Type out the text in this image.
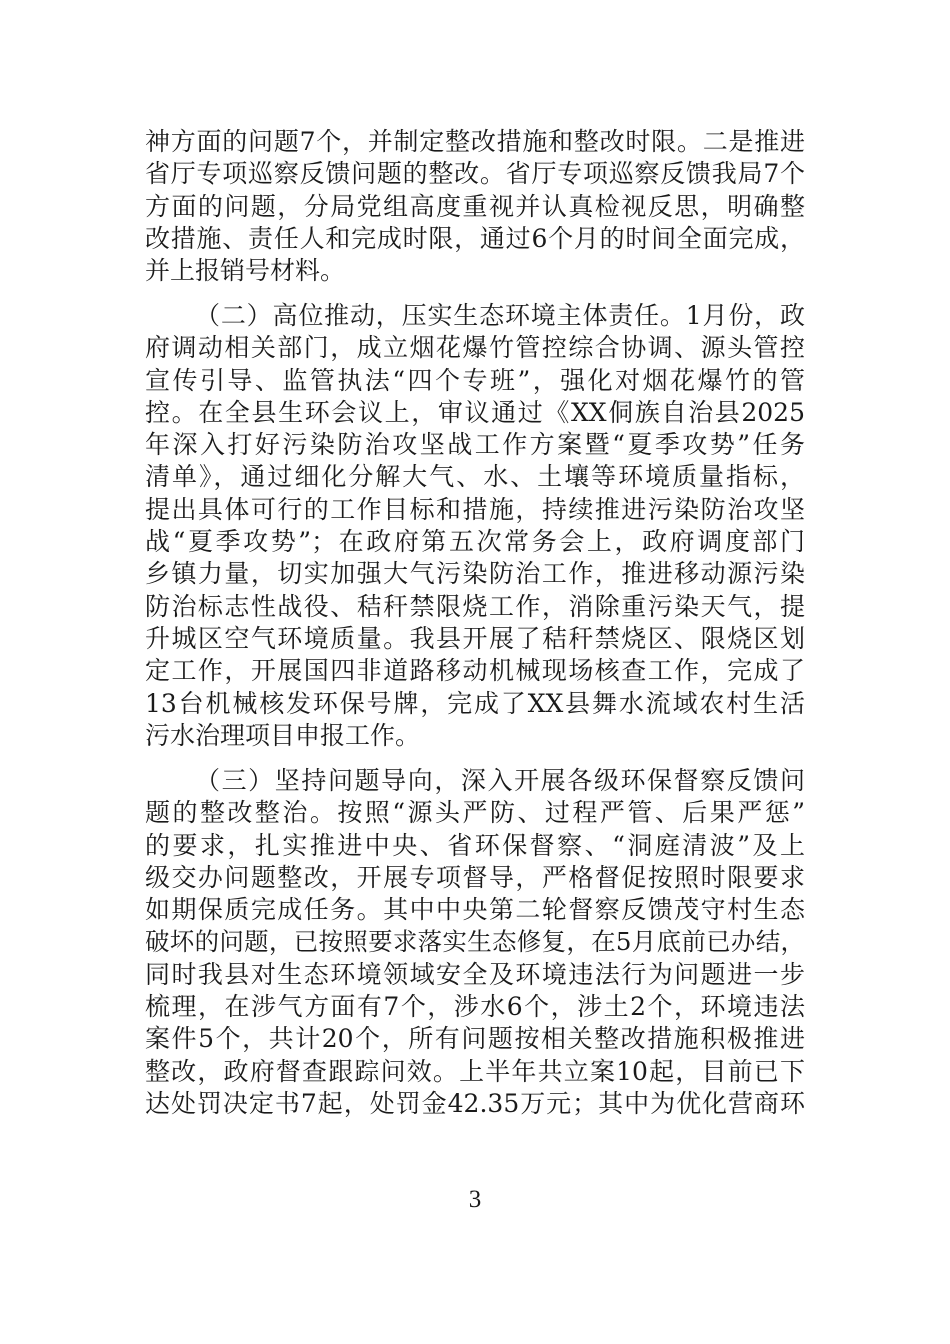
神方面的问题7个，并制定整改措施和整改时限。二是推进
省厅专项巡察反馈问题的整改。省厅专项巡察反馈我局7个
方面的问题，分局党组高度重视并认真检视反思，明确整
改措施、责任人和完成时限，通过6个月的时间全面完成，
并上报销号材料。
（二）高位推动，压实生态环境主体责任。1月份，政
府调动相关部门，成立烟花爆竹管控综合协调、源头管控
宣传引导、监管执法“四个专班”，强化对烟花爆竹的管
控。在全县生环会议上，审议通过《XX侗族自治县2025
年深入打好污染防治攻坚战工作方案暨“夏季攻势”任务
清单》，通过细化分解大气、水、土壤等环境质量指标，
提出具体可行的工作目标和措施，持续推进污染防治攻坚
战“夏季攻势”；在政府第五次常务会上，政府调度部门
乡镇力量，切实加强大气污染防治工作，推进移动源污染
防治标志性战役、秸秆禁限烧工作，消除重污染天气，提
升城区空气环境质量。我县开展了秸秆禁烧区、限烧区划
定工作，开展国四非道路移动机械现场核查工作，完成了
13台机械核发环保号牌，完成了XX县舞水流域农村生活
污水治理项目申报工作。
（三）坚持问题导向，深入开展各级环保督察反馈问
题的整改整治。按照“源头严防、过程严管、后果严惩”
的要求，扎实推进中央、省环保督察、“洞庭清波”及上
级交办问题整改，开展专项督导，严格督促按照时限要求
如期保质完成任务。其中中央第二轮督察反馈茂守村生态
破坏的问题，已按照要求落实生态修复，在5月底前已办结，
同时我县对生态环境领域安全及环境违法行为问题进一步
梳理，在涉气方面有7个，涉水6个，涉土2个，环境违法
案件5个，共计20个，所有问题按相关整改措施积极推进
整改，政府督查跟踪问效。上半年共立案10起，目前已下
达处罚决定书7起，处罚金42.35万元；其中为优化营商环
3
